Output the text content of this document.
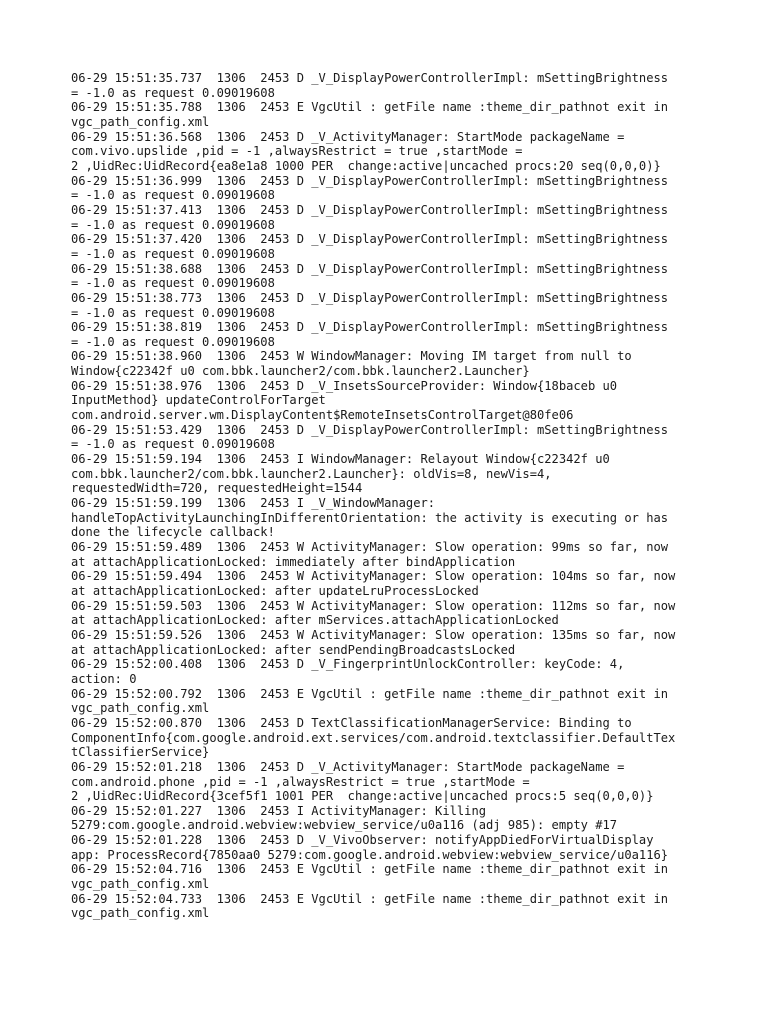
06-29 15:51:35.737  1306  2453 D _V_DisplayPowerControllerImpl: mSettingBrightness
= -1.0 as request 0.09019608
06-29 15:51:35.788  1306  2453 E VgcUtil : getFile name :theme_dir_pathnot exit in
vgc_path_config.xml
06-29 15:51:36.568  1306  2453 D _V_ActivityManager: StartMode packageName =
com.vivo.upslide ,pid = -1 ,alwaysRestrict = true ,startMode =
2 ,UidRec:UidRecord{ea8e1a8 1000 PER  change:active|uncached procs:20 seq(0,0,0)}
06-29 15:51:36.999  1306  2453 D _V_DisplayPowerControllerImpl: mSettingBrightness
= -1.0 as request 0.09019608
06-29 15:51:37.413  1306  2453 D _V_DisplayPowerControllerImpl: mSettingBrightness
= -1.0 as request 0.09019608
06-29 15:51:37.420  1306  2453 D _V_DisplayPowerControllerImpl: mSettingBrightness
= -1.0 as request 0.09019608
06-29 15:51:38.688  1306  2453 D _V_DisplayPowerControllerImpl: mSettingBrightness
= -1.0 as request 0.09019608
06-29 15:51:38.773  1306  2453 D _V_DisplayPowerControllerImpl: mSettingBrightness
= -1.0 as request 0.09019608
06-29 15:51:38.819  1306  2453 D _V_DisplayPowerControllerImpl: mSettingBrightness
= -1.0 as request 0.09019608
06-29 15:51:38.960  1306  2453 W WindowManager: Moving IM target from null to
Window{c22342f u0 com.bbk.launcher2/com.bbk.launcher2.Launcher}
06-29 15:51:38.976  1306  2453 D _V_InsetsSourceProvider: Window{18baceb u0
InputMethod} updateControlForTarget
com.android.server.wm.DisplayContent$RemoteInsetsControlTarget@80fe06
06-29 15:51:53.429  1306  2453 D _V_DisplayPowerControllerImpl: mSettingBrightness
= -1.0 as request 0.09019608
06-29 15:51:59.194  1306  2453 I WindowManager: Relayout Window{c22342f u0
com.bbk.launcher2/com.bbk.launcher2.Launcher}: oldVis=8, newVis=4,
requestedWidth=720, requestedHeight=1544
06-29 15:51:59.199  1306  2453 I _V_WindowManager:
handleTopActivityLaunchingInDifferentOrientation: the activity is executing or has
done the lifecycle callback!
06-29 15:51:59.489  1306  2453 W ActivityManager: Slow operation: 99ms so far, now
at attachApplicationLocked: immediately after bindApplication
06-29 15:51:59.494  1306  2453 W ActivityManager: Slow operation: 104ms so far, now
at attachApplicationLocked: after updateLruProcessLocked
06-29 15:51:59.503  1306  2453 W ActivityManager: Slow operation: 112ms so far, now
at attachApplicationLocked: after mServices.attachApplicationLocked
06-29 15:51:59.526  1306  2453 W ActivityManager: Slow operation: 135ms so far, now
at attachApplicationLocked: after sendPendingBroadcastsLocked
06-29 15:52:00.408  1306  2453 D _V_FingerprintUnlockController: keyCode: 4,
action: 0
06-29 15:52:00.792  1306  2453 E VgcUtil : getFile name :theme_dir_pathnot exit in
vgc_path_config.xml
06-29 15:52:00.870  1306  2453 D TextClassificationManagerService: Binding to
ComponentInfo{com.google.android.ext.services/com.android.textclassifier.DefaultTex
tClassifierService}
06-29 15:52:01.218  1306  2453 D _V_ActivityManager: StartMode packageName =
com.android.phone ,pid = -1 ,alwaysRestrict = true ,startMode =
2 ,UidRec:UidRecord{3cef5f1 1001 PER  change:active|uncached procs:5 seq(0,0,0)}
06-29 15:52:01.227  1306  2453 I ActivityManager: Killing
5279:com.google.android.webview:webview_service/u0a116 (adj 985): empty #17
06-29 15:52:01.228  1306  2453 D _V_VivoObserver: notifyAppDiedForVirtualDisplay
app: ProcessRecord{7850aa0 5279:com.google.android.webview:webview_service/u0a116}
06-29 15:52:04.716  1306  2453 E VgcUtil : getFile name :theme_dir_pathnot exit in
vgc_path_config.xml
06-29 15:52:04.733  1306  2453 E VgcUtil : getFile name :theme_dir_pathnot exit in
vgc_path_config.xml
